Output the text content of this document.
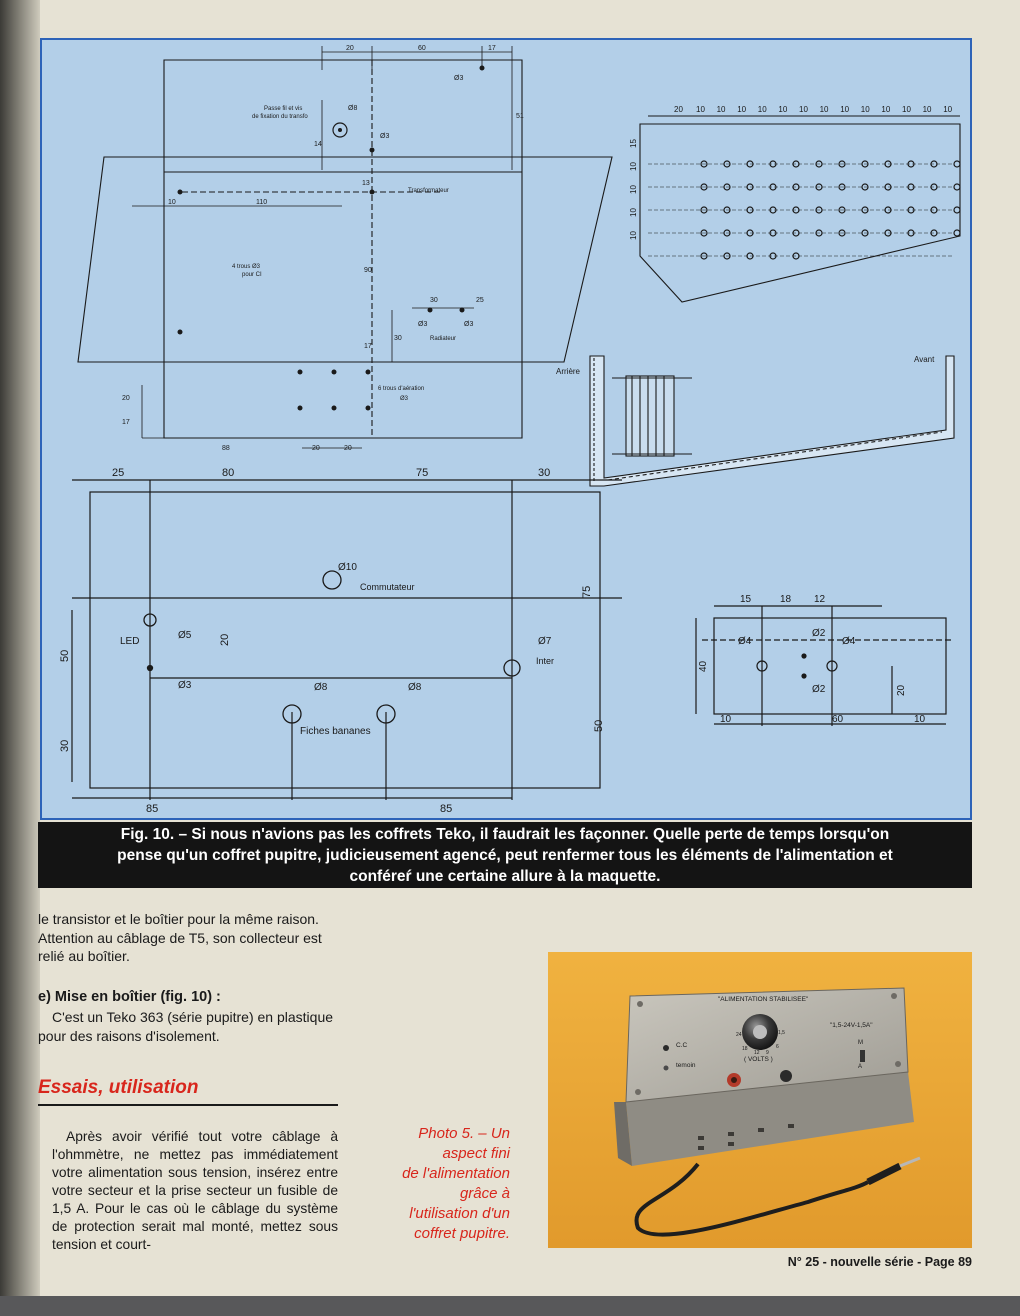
20	60	17
51
14
13
10	110
90
30	25
17
30
20
17
88	20	20
Passe fil et vis
de fixation du transfo
Ø3
Ø8
Ø3
Transformateur
4 trous Ø3
pour CI
Ø3	Ø3
Radiateur
6 trous d'aération
Ø3
20 10 10 10 10 10 10 10 10 10 10 10 10 10
15
10
10
10
10
Arrière
Avant
25	80	75	30
75
50
30
20
50
85	85
Ø10
Commutateur
LED
Ø5
Ø3
Ø7
Inter
Ø8	Ø8
Fiches bananes
15	18 12
Ø4
Ø2
Ø4
Ø2
40
20
10	60	10
Fig. 10. – Si nous n'avions pas les coffrets Teko, il faudrait les façonner. Quelle perte de temps lorsqu'on
pense qu'un coffret pupitre, judicieusement agencé, peut renfermer tous les éléments de l'alimentation et
conféreŕ une certaine allure à la maquette.
le transistor et le boîtier pour la même raison. Attention au câblage de T5, son collecteur est relié au boîtier.
e) Mise en boîtier (fig. 10) :
C'est un Teko 363 (série pupitre) en plastique pour des raisons d'isolement.
Essais, utilisation
Après avoir vérifié tout votre câblage à l'ohmmètre, ne mettez pas immédiatement votre alimentation sous tension, insérez entre votre secteur et la prise secteur un fusible de 1,5 A. Pour le cas où le câblage du système de protection serait mal monté, mettez sous tension et court-
Photo 5. – Un
aspect fini
de l'alimentation
grâce à
l'utilisation d'un
coffret pupitre.
"ALIMENTATION STABILISEE"
"1,5-24V-1,5A"
C.C
temoin
( VOLTS )
M
A
24
18
12 9
6
1,5
N° 25 - nouvelle série - Page 89
